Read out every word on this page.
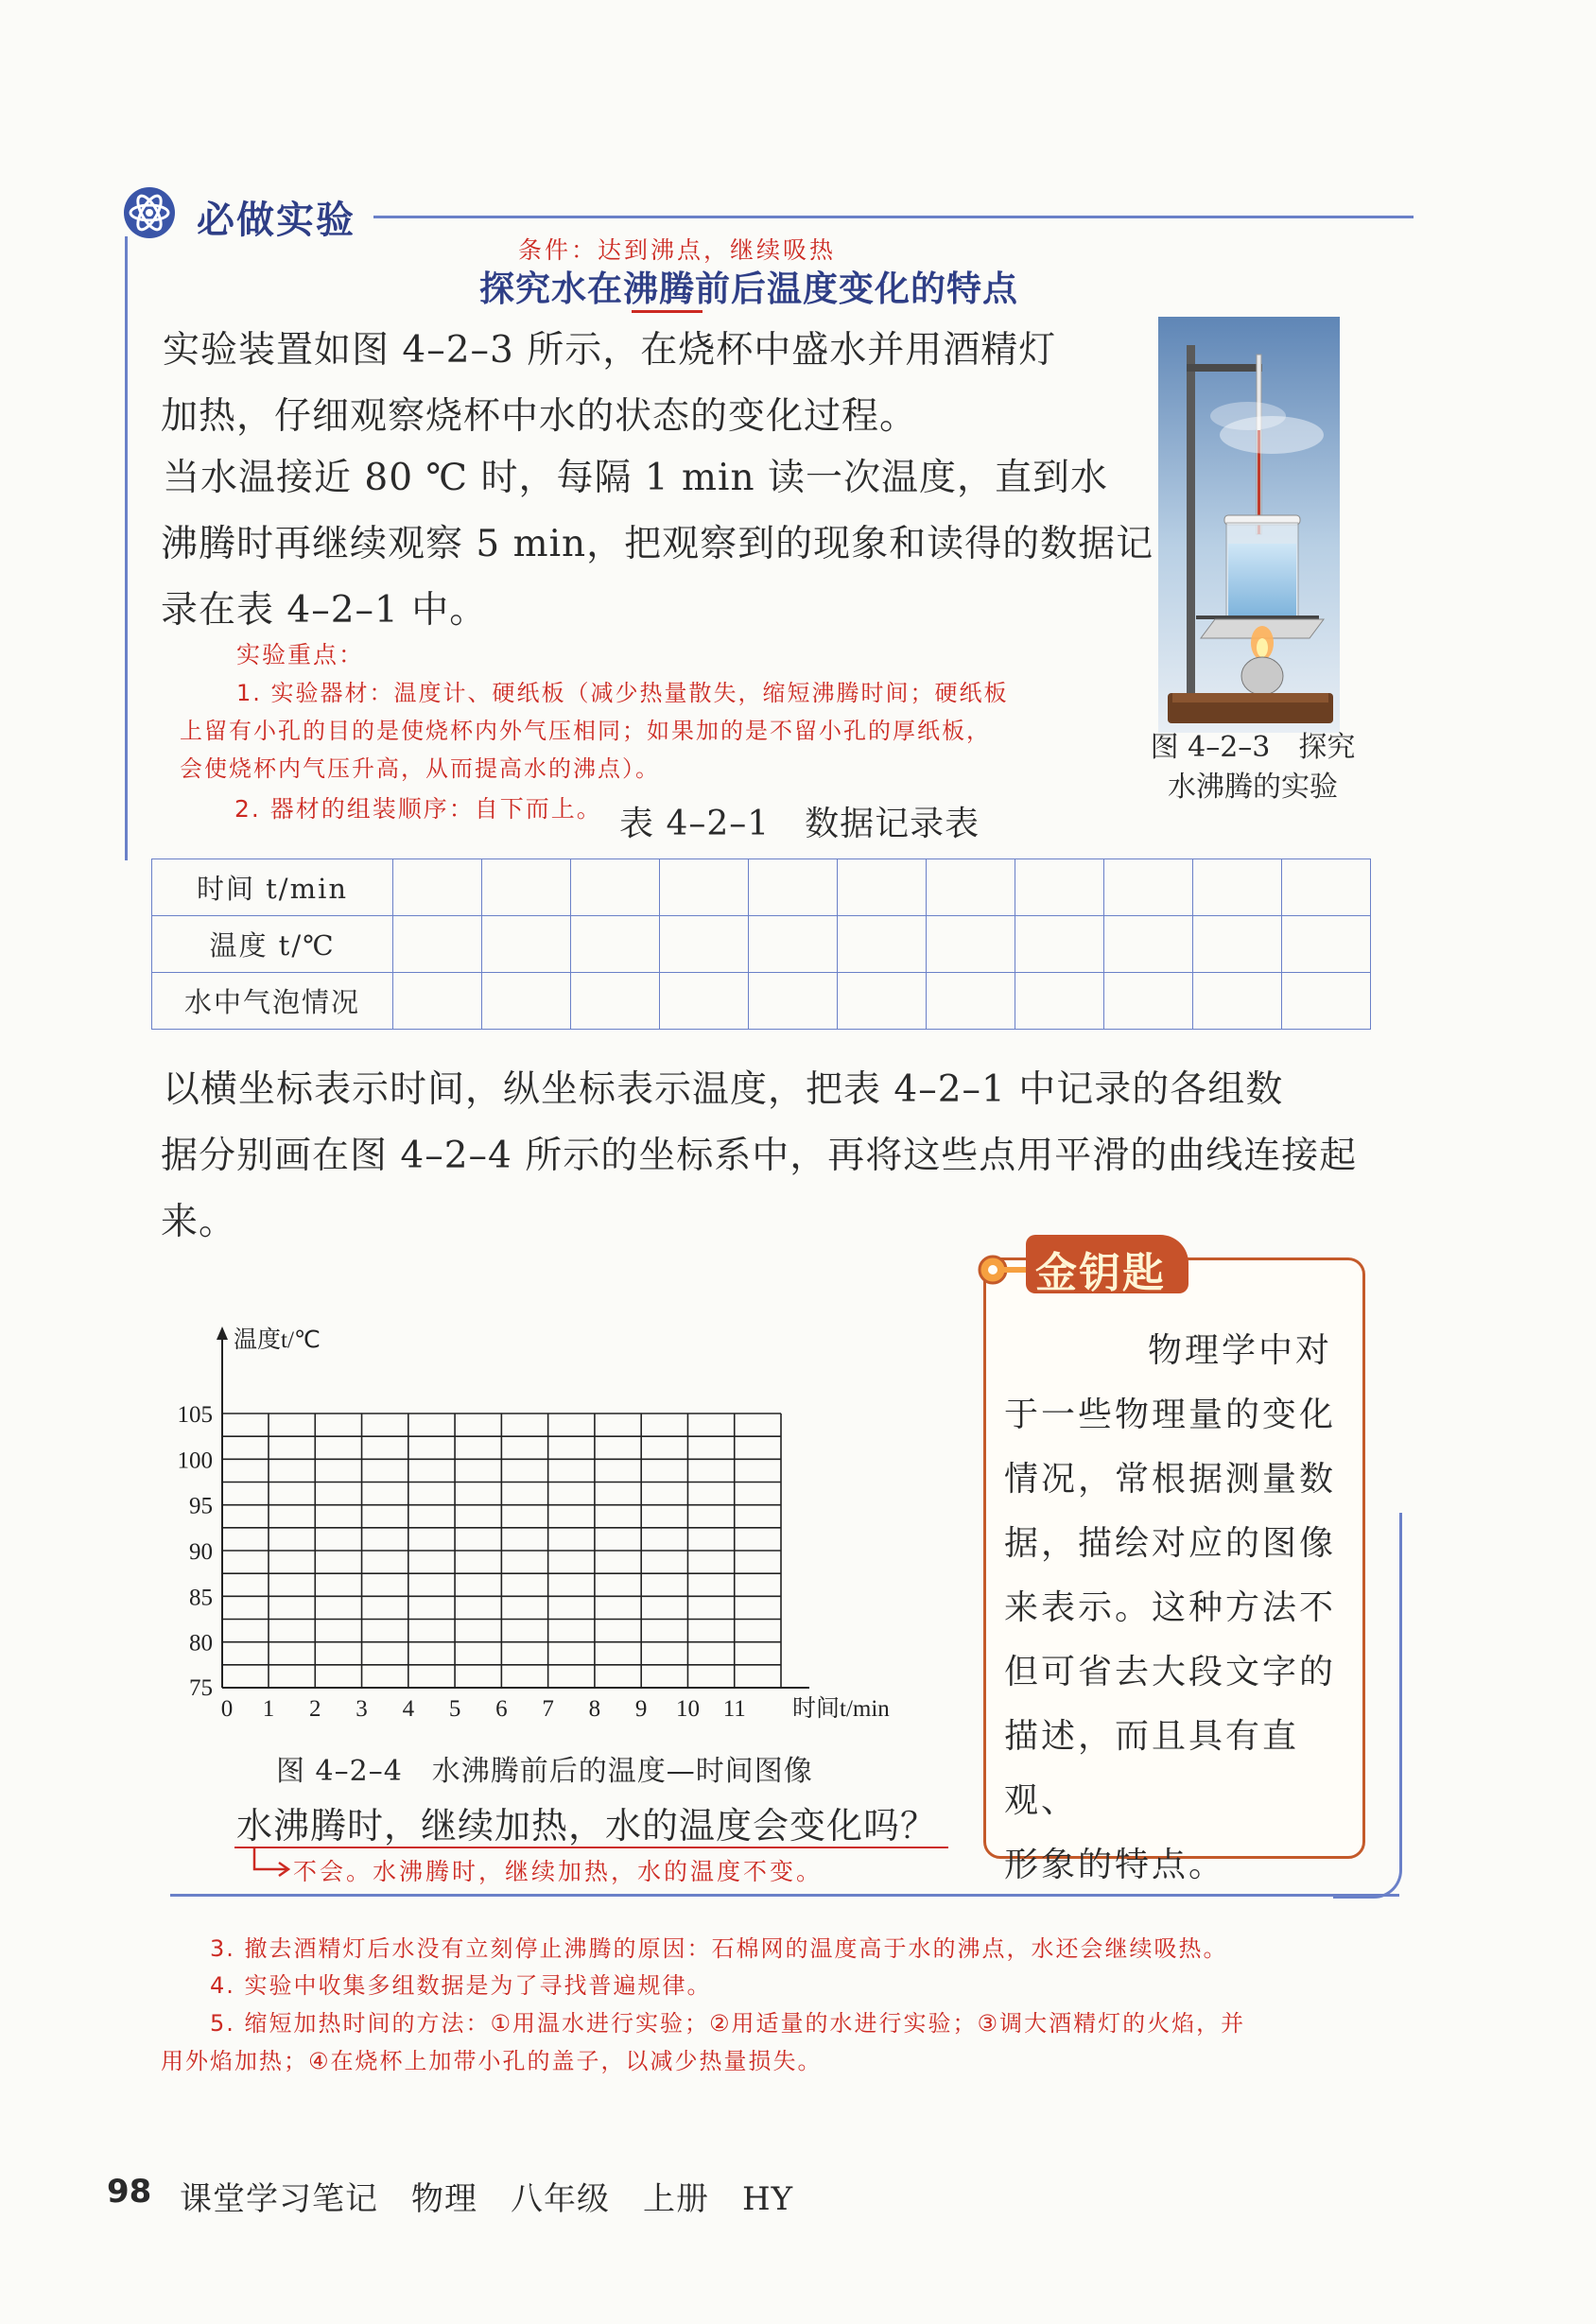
必做实验
条件：达到沸点，继续吸热
探究水在沸腾前后温度变化的特点
实验装置如图 4–2–3 所示，在烧杯中盛水并用酒精灯
加热，仔细观察烧杯中水的状态的变化过程。
当水温接近 80 ℃ 时，每隔 1 min 读一次温度，直到水
沸腾时再继续观察 5 min，把观察到的现象和读得的数据记
录在表 4–2–1 中。
实验重点：
1. 实验器材：温度计、硬纸板（减少热量散失，缩短沸腾时间；硬纸板
上留有小孔的目的是使烧杯内外气压相同；如果加的是不留小孔的厚纸板，
会使烧杯内气压升高，从而提高水的沸点）。
2. 器材的组装顺序：自下而上。
图 4–2–3　探究
水沸腾的实验
表 4–2–1　数据记录表
时间 t/min											
温度 t/℃											
水中气泡情况											
以横坐标表示时间，纵坐标表示温度，把表 4–2–1 中记录的各组数
据分别画在图 4–2–4 所示的坐标系中，再将这些点用平滑的曲线连接起
来。
75
80
85
90
95
100
105
0 1 2 3 4 5 6 7 8 9 10 11
温度t/℃
时间t/min
图 4–2–4　水沸腾前后的温度—时间图像
水沸腾时，继续加热，水的温度会变化吗？
不会。水沸腾时，继续加热，水的温度不变。
金钥匙
物理学中对
于一些物理量的变化
情况，常根据测量数
据，描绘对应的图像
来表示。这种方法不
但可省去大段文字的
描述，而且具有直观、
形象的特点。
3. 撤去酒精灯后水没有立刻停止沸腾的原因：石棉网的温度高于水的沸点，水还会继续吸热。
4. 实验中收集多组数据是为了寻找普遍规律。
5. 缩短加热时间的方法：①用温水进行实验；②用适量的水进行实验；③调大酒精灯的火焰，并
用外焰加热；④在烧杯上加带小孔的盖子，以减少热量损失。
98 课堂学习笔记　物理　八年级　上册　HY
